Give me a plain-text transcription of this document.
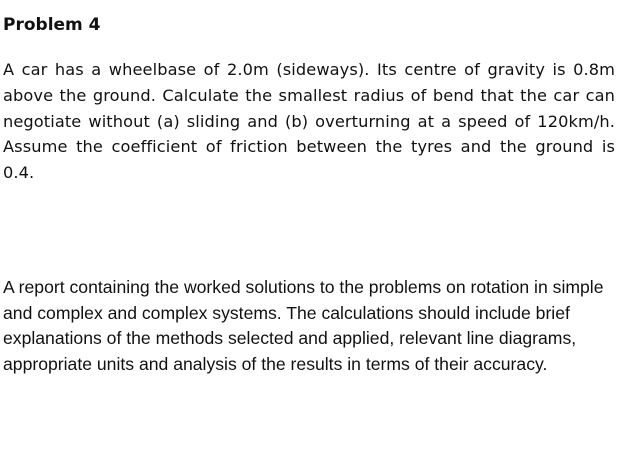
Problem 4

A car has a wheelbase of 2.0m (sideways). Its centre of gravity is 0.8m above the ground. Calculate the smallest radius of bend that the car can negotiate without (a) sliding and (b) overturning at a speed of 120km/h. Assume the coefficient of friction between the tyres and the ground is 0.4.

A report containing the worked solutions to the problems on rotation in simple and complex and complex systems. The calculations should include brief explanations of the methods selected and applied, relevant line diagrams, appropriate units and analysis of the results in terms of their accuracy.
